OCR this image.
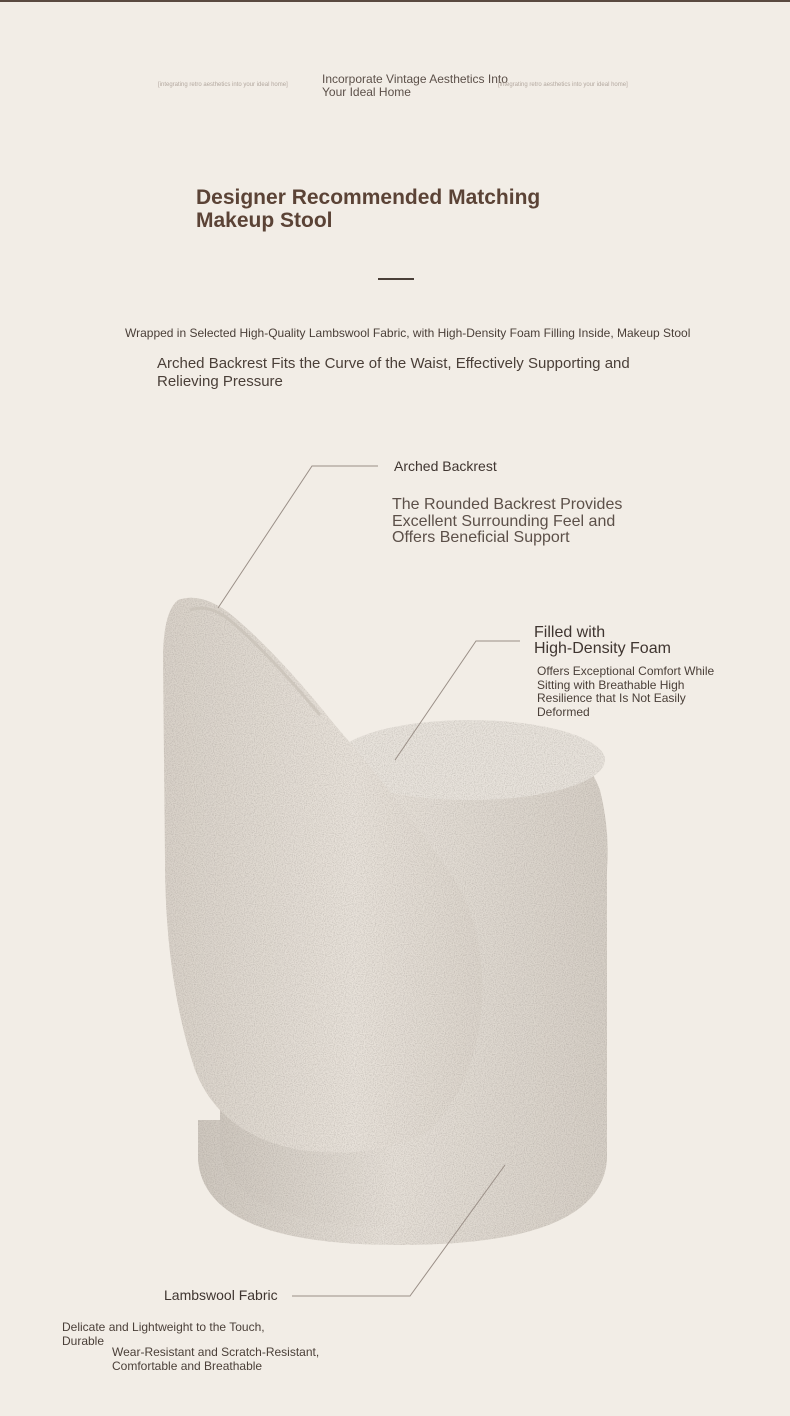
[integrating retro aesthetics into your ideal home]	Incorporate Vintage Aesthetics Into Your Ideal Home	[integrating retro aesthetics into your ideal home]
Designer Recommended Matching Makeup Stool
Wrapped in Selected High-Quality Lambswool Fabric, with High-Density Foam Filling Inside, Makeup Stool
Arched Backrest Fits the Curve of the Waist, Effectively Supporting and Relieving Pressure
Arched Backrest
The Rounded Backrest Provides Excellent Surrounding Feel and Offers Beneficial Support
Filled with
High-Density Foam
Offers Exceptional Comfort While Sitting with Breathable High Resilience that Is Not Easily Deformed
Lambswool Fabric
Delicate and Lightweight to the Touch, Durable
Wear-Resistant and Scratch-Resistant, Comfortable and Breathable
